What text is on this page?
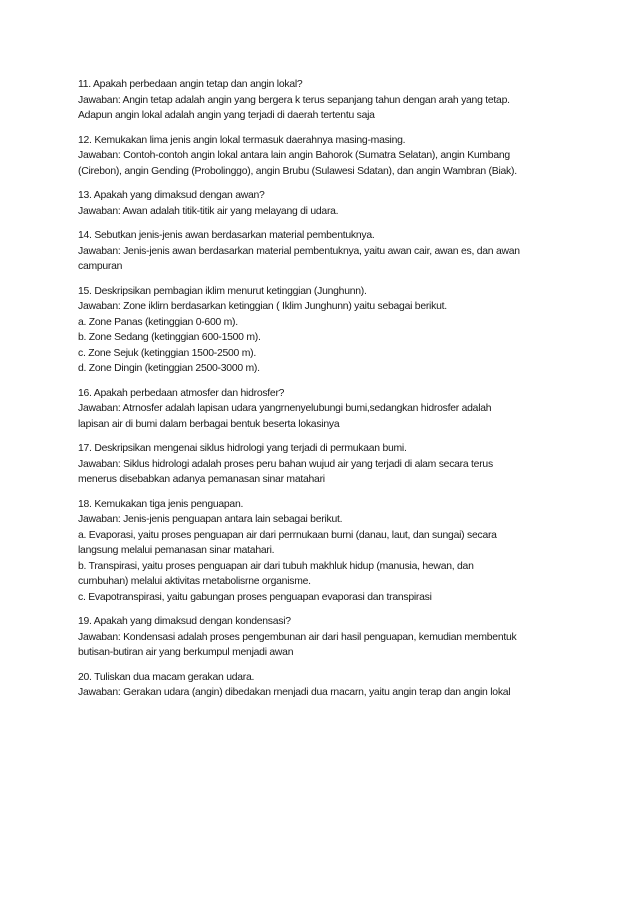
11. Apakah perbedaan angin tetap dan angin lokal?
Jawaban: Angin tetap adalah angin yang bergera k terus sepanjang tahun dengan arah yang tetap.
Adapun angin lokal adalah angin yang terjadi di daerah tertentu saja
12. Kemukakan lima jenis angin lokal termasuk daerahnya masing-masing.
Jawaban: Contoh-contoh angin lokal antara lain angin Bahorok (Sumatra Selatan), angin Kumbang
(Cirebon), angin Gending (Probolinggo), angin Brubu (Sulawesi Sdatan), dan angin Wambran (Biak).
13. Apakah yang dimaksud dengan awan?
Jawaban: Awan adalah titik-titik air yang melayang di udara.
14. Sebutkan jenis-jenis awan berdasarkan material pembentuknya.
Jawaban: Jenis-jenis awan berdasarkan material pembentuknya, yaitu awan cair, awan es, dan awan
campuran
15. Deskripsikan pembagian iklim menurut ketinggian (Junghunn).
Jawaban: Zone iklirn berdasarkan ketinggian ( Iklim Junghunn) yaitu sebagai berikut.
a. Zone Panas (ketinggian 0-600 m).
b. Zone Sedang (ketinggian 600-1500 m).
c. Zone Sejuk (ketinggian 1500-2500 m).
d. Zone Dingin (ketinggian 2500-3000 m).
16. Apakah perbedaan atmosfer dan hidrosfer?
Jawaban: Atrnosfer adalah lapisan udara yangrnenyelubungi bumi,sedangkan hidrosfer adalah
lapisan air di bumi dalam berbagai bentuk beserta lokasinya
17. Deskripsikan mengenai siklus hidrologi yang terjadi di permukaan bumi.
Jawaban: Siklus hidrologi adalah proses peru bahan wujud air yang terjadi di alam secara terus
menerus disebabkan adanya pemanasan sinar matahari
18. Kemukakan tiga jenis penguapan.
Jawaban: Jenis-jenis penguapan antara lain sebagai berikut.
a. Evaporasi, yaitu proses penguapan air dari perrnukaan burni (danau, laut, dan sungai) secara
langsung melalui pemanasan sinar matahari.
b. Transpirasi, yaitu proses penguapan air dari tubuh makhluk hidup (manusia, hewan, dan
curnbuhan) melalui aktivitas rnetabolisrne organisme.
c. Evapotranspirasi, yaitu gabungan proses penguapan evaporasi dan transpirasi
19. Apakah yang dimaksud dengan kondensasi?
Jawaban: Kondensasi adalah proses pengembunan air dari hasil penguapan, kemudian membentuk
butisan-butiran air yang berkumpul menjadi awan
20. Tuliskan dua macam gerakan udara.
Jawaban: Gerakan udara (angin) dibedakan rnenjadi dua rnacarn, yaitu angin terap dan angin lokal
